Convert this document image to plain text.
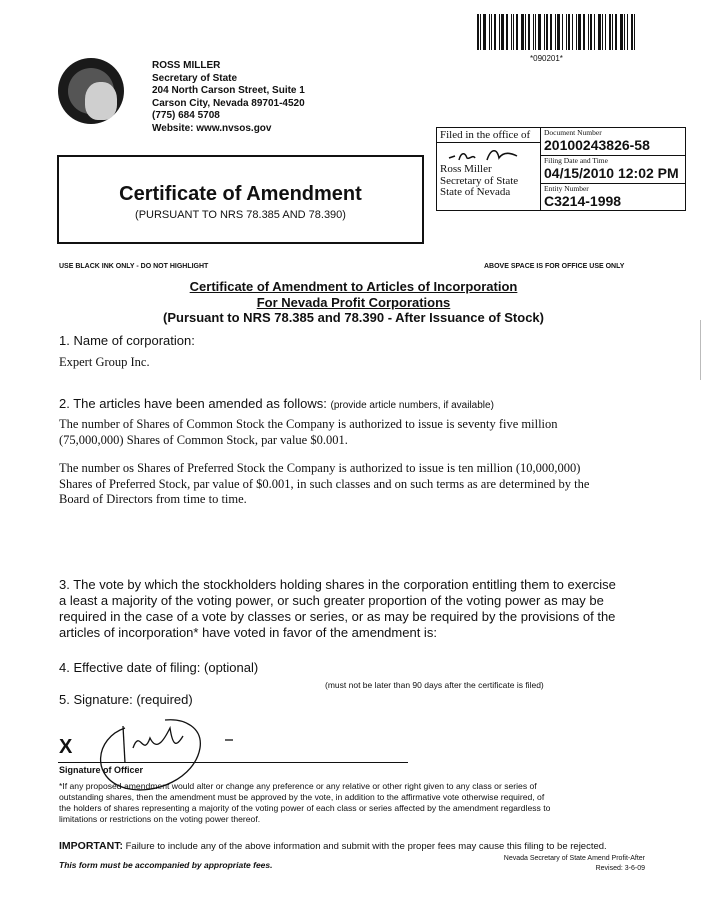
*090201*
ROSS MILLER
Secretary of State
204 North Carson Street, Suite 1
Carson City, Nevada 89701-4520
(775) 684 5708
Website: www.nvsos.gov
Certificate of Amendment
(PURSUANT TO NRS 78.385 AND 78.390)
Filed in the office of
Ross Miller
Secretary of State
State of Nevada
Document Number
20100243826-58
Filing Date and Time
04/15/2010 12:02 PM
Entity Number
C3214-1998
USE BLACK INK ONLY - DO NOT HIGHLIGHT	ABOVE SPACE IS FOR OFFICE USE ONLY
Certificate of Amendment to Articles of Incorporation
For Nevada Profit Corporations
(Pursuant to NRS 78.385 and 78.390 - After Issuance of Stock)
1. Name of corporation:
Expert Group Inc.
2. The articles have been amended as follows: (provide article numbers, if available)
The number of Shares of Common Stock the Company is authorized to issue is seventy five million
(75,000,000) Shares of Common Stock, par value $0.001.
The number os Shares of Preferred Stock the Company is authorized to issue is ten million (10,000,000)
Shares of Preferred Stock, par value of $0.001, in such classes and on such terms as are determined by the
Board of Directors from time to time.
3. The vote by which the stockholders holding shares in the corporation entitling them to exercise
a least a majority of the voting power, or such greater proportion of the voting power as may be
required in the case of a vote by classes or series, or as may be required by the provisions of the
articles of incorporation* have voted in favor of the amendment is:
4. Effective date of filing: (optional)
(must not be later than 90 days after the certificate is filed)
5. Signature: (required)
X
Signature of Officer
*If any proposed amendment would alter or change any preference or any relative or other right given to any class or series of
outstanding shares, then the amendment must be approved by the vote, in addition to the affirmative vote otherwise required, of
the holders of shares representing a majority of the voting power of each class or series affected by the amendment regardless to
limitations or restrictions on the voting power thereof.
IMPORTANT: Failure to include any of the above information and submit with the proper fees may cause this filing to be rejected.
This form must be accompanied by appropriate fees.
Nevada Secretary of State Amend Profit-After
Revised: 3-6-09
